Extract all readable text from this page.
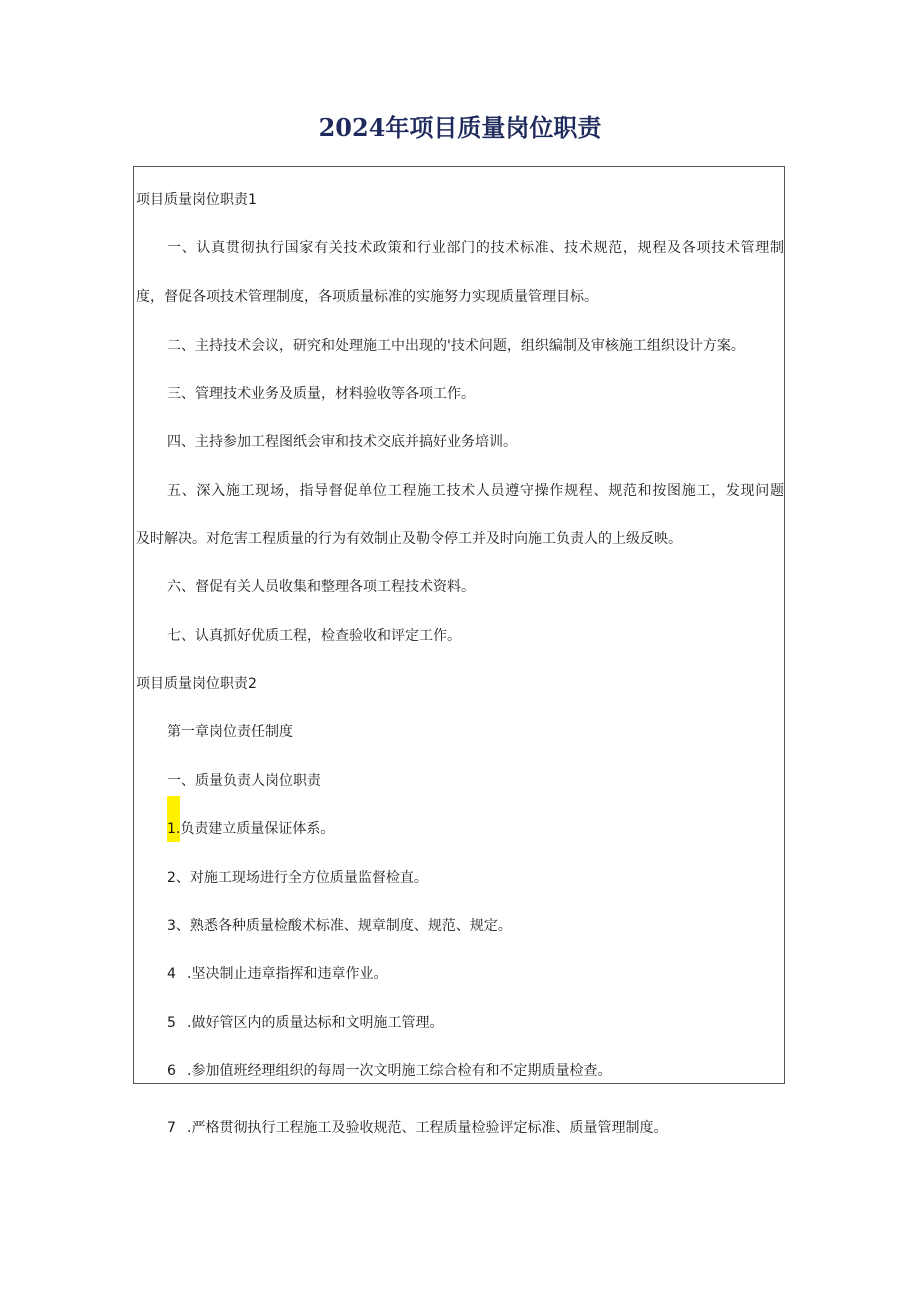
2024年项目质量岗位职责
项目质量岗位职责1
一、认真贯彻执行国家有关技术政策和行业部门的技术标准、技术规范，规程及各项技术管理制
度，督促各项技术管理制度，各项质量标准的实施努力实现质量管理目标。
二、主持技术会议，研究和处理施工中出现的'技术问题，组织编制及审核施工组织设计方案。
三、管理技术业务及质量，材料验收等各项工作。
四、主持参加工程图纸会审和技术交底并搞好业务培训。
五、深入施工现场，指导督促单位工程施工技术人员遵守操作规程、规范和按图施工，发现问题
及时解决。对危害工程质量的行为有效制止及勒令停工并及时向施工负责人的上级反映。
六、督促有关人员收集和整理各项工程技术资料。
七、认真抓好优质工程，检查验收和评定工作。
项目质量岗位职责2
第一章岗位责任制度
一、质量负责人岗位职责
1.负责建立质量保证体系。
2、对施工现场进行全方位质量监督检直。
3、熟悉各种质量检酸术标准、规章制度、规范、规定。
4 .坚决制止违章指挥和违章作业。
5 .做好管区内的质量达标和文明施工管理。
6 .参加值班经理组织的每周一次文明施工综合检有和不定期质量检查。
7 .严格贯彻执行工程施工及验收规范、工程质量检验评定标准、质量管理制度。
